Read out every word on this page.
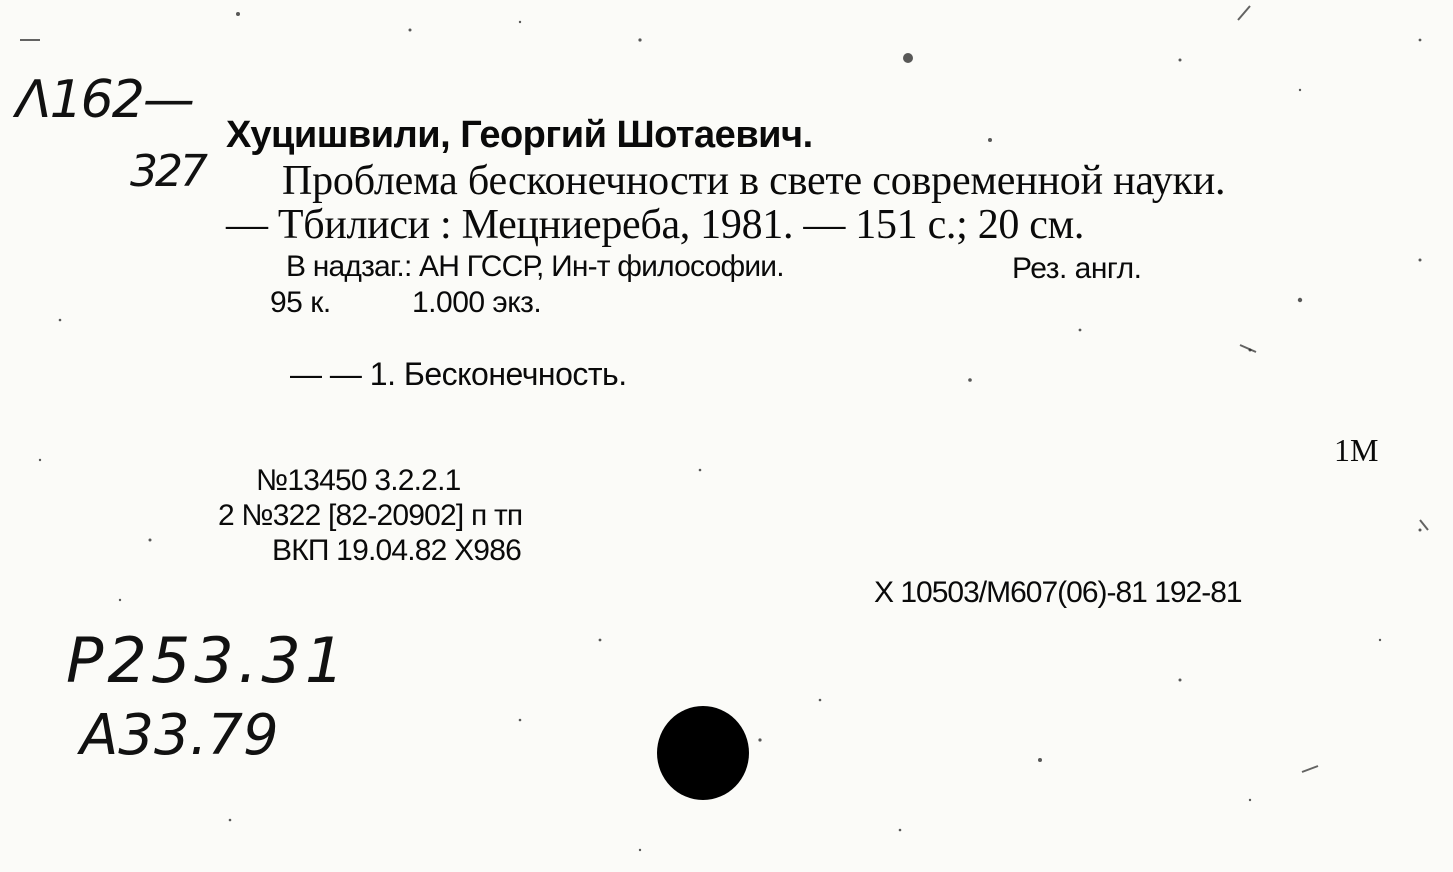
Λ162—
327
Хуцишвили, Георгий Шотаевич.
Проблема бесконечности в свете современной науки.
— Тбилиси : Мецниереба, 1981. — 151 с.; 20 см.
В надзаг.: АН ГССР, Ин-т философии.	Рез. англ.
95 к.	1.000 экз.
— — 1. Бесконечность.
1М
№13450 3.2.2.1
2 №322 [82-20902] п тп
ВКП 19.04.82 Х986
Х 10503/М607(06)-81 192-81
Р253.31
А33.79
